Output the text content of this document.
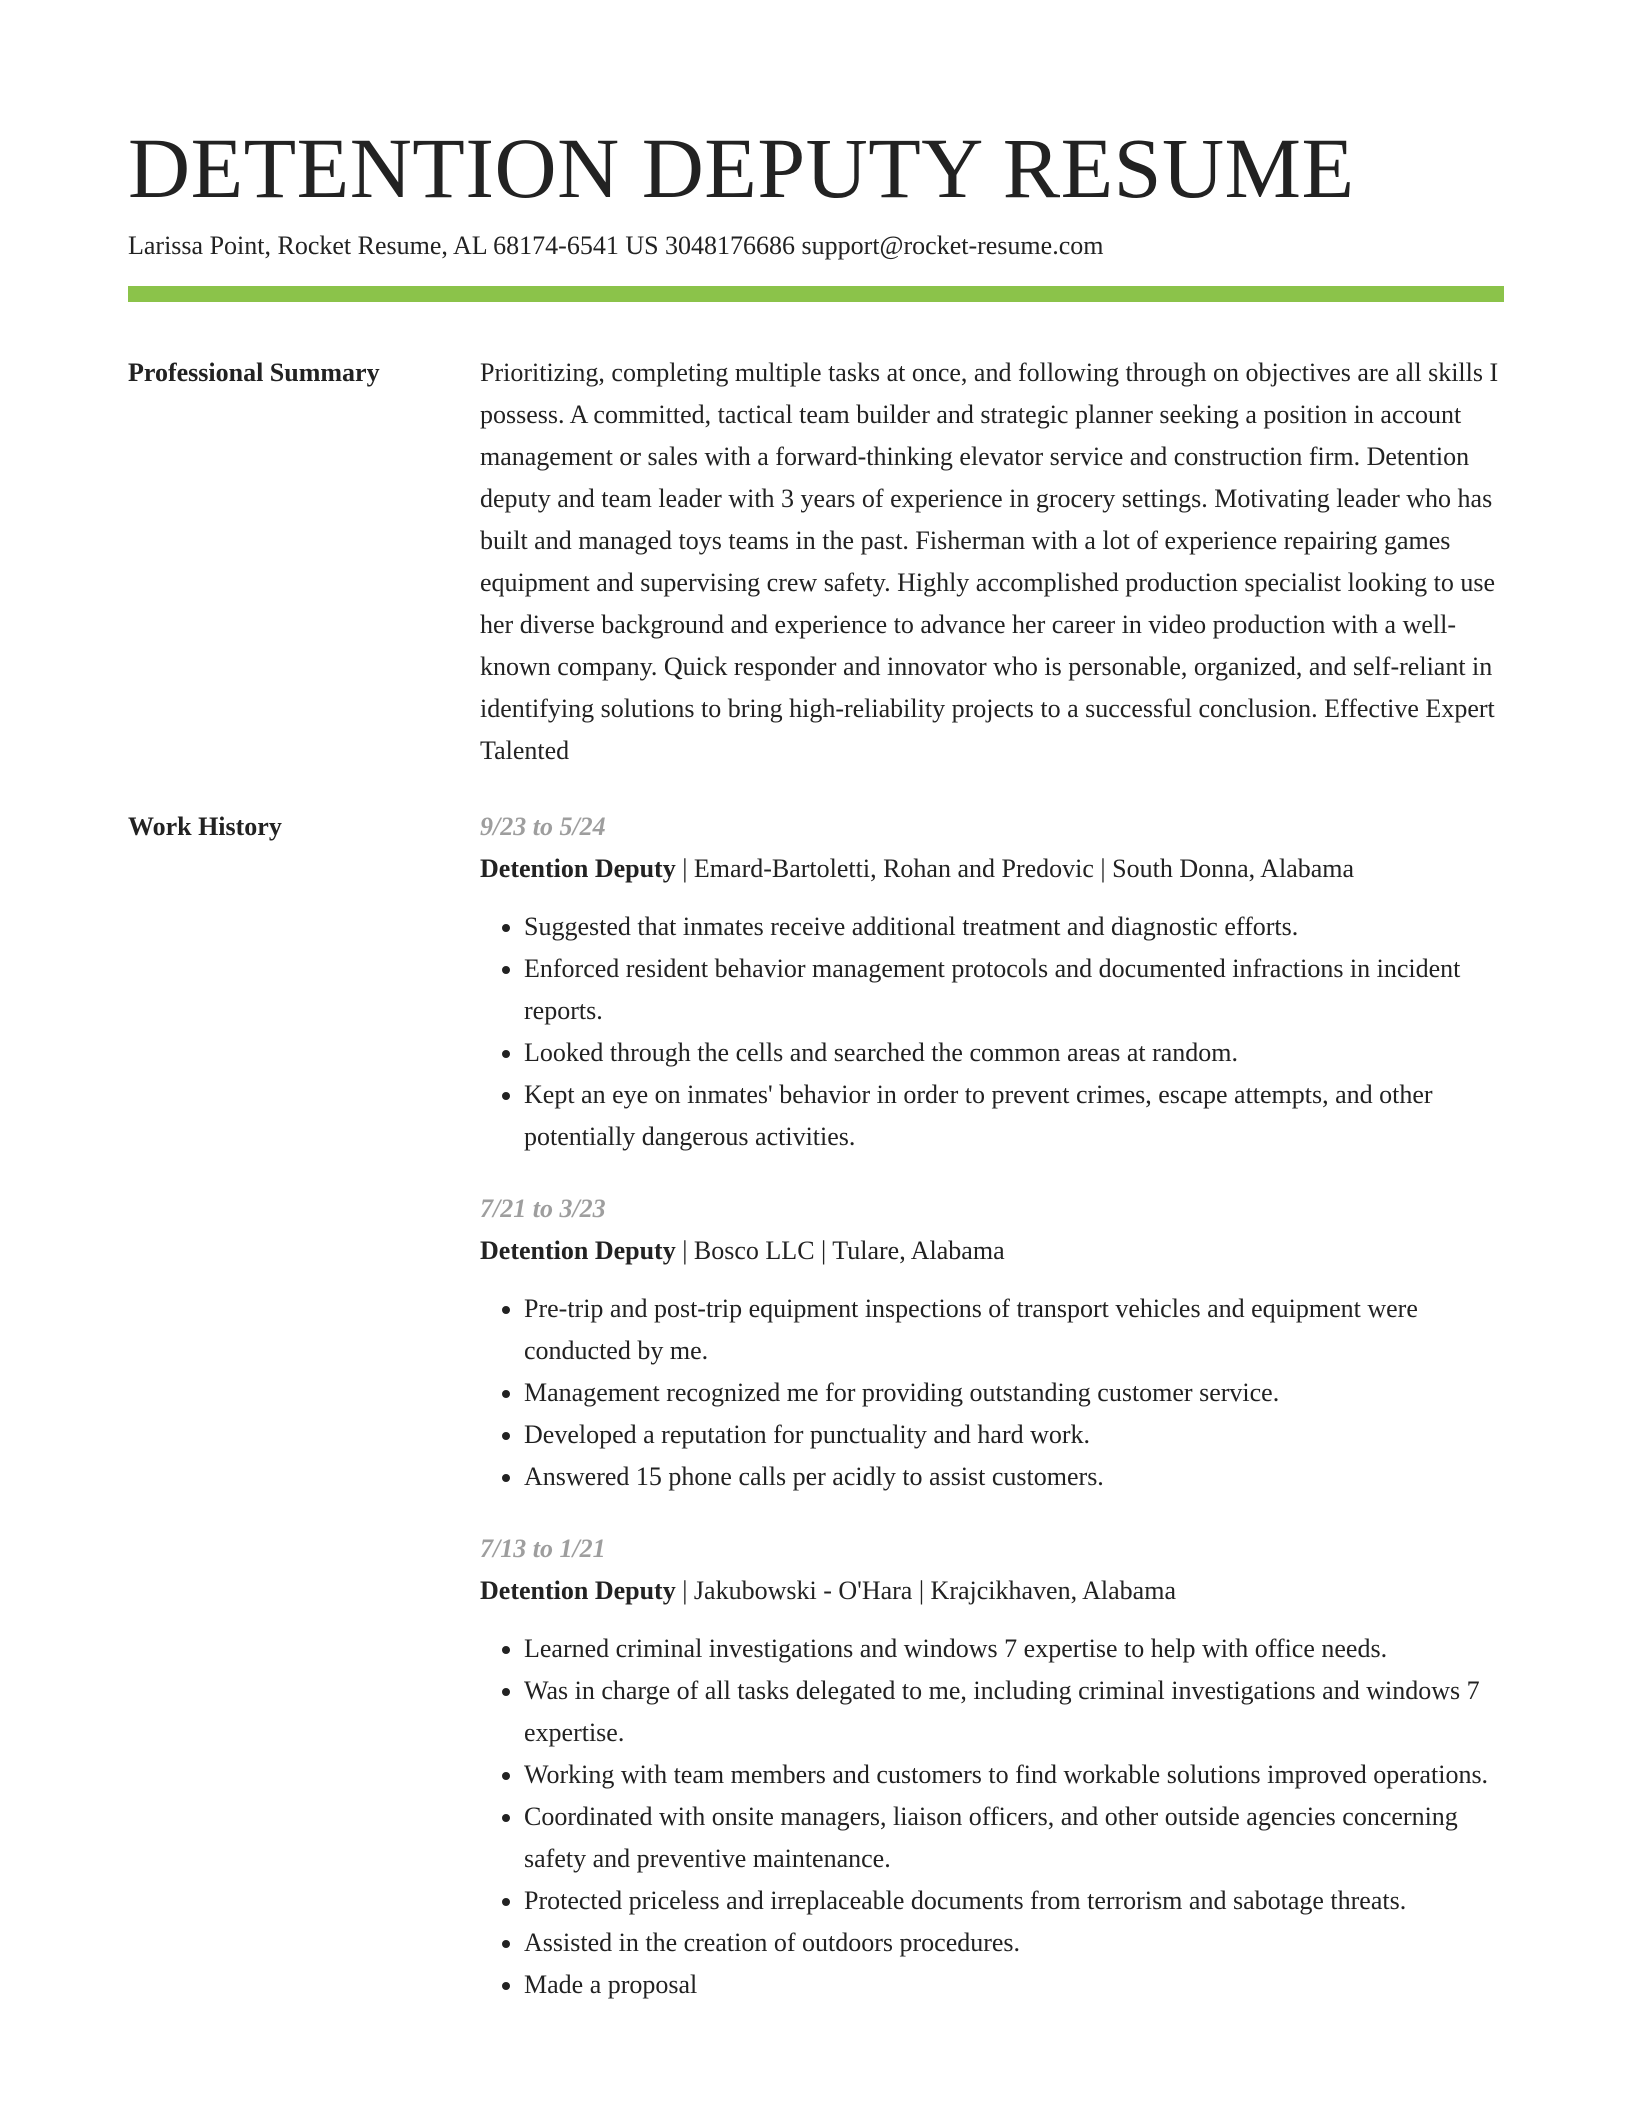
DETENTION DEPUTY RESUME
Larissa Point, Rocket Resume, AL 68174-6541 US 3048176686 support@rocket-resume.com
Professional Summary	Prioritizing, completing multiple tasks at once, and following through on objectives are all skills I possess. A committed, tactical team builder and strategic planner seeking a position in account management or sales with a forward-thinking elevator service and construction firm. Detention deputy and team leader with 3 years of experience in grocery settings. Motivating leader who has built and managed toys teams in the past. Fisherman with a lot of experience repairing games equipment and supervising crew safety. Highly accomplished production specialist looking to use her diverse background and experience to advance her career in video production with a well-known company. Quick responder and innovator who is personable, organized, and self-reliant in identifying solutions to bring high-reliability projects to a successful conclusion. Effective Expert Talented

Work History	9/23 to 5/24

Detention Deputy | Emard-Bartoletti, Rohan and Predovic | South Donna, Alabama

• Suggested that inmates receive additional treatment and diagnostic efforts.
• Enforced resident behavior management protocols and documented infractions in incident reports.
• Looked through the cells and searched the common areas at random.
• Kept an eye on inmates' behavior in order to prevent crimes, escape attempts, and other potentially dangerous activities.
7/21 to 3/23

Detention Deputy | Bosco LLC | Tulare, Alabama

• Pre-trip and post-trip equipment inspections of transport vehicles and equipment were conducted by me.
• Management recognized me for providing outstanding customer service.
• Developed a reputation for punctuality and hard work.
• Answered 15 phone calls per acidly to assist customers.
7/13 to 1/21

Detention Deputy | Jakubowski - O'Hara | Krajcikhaven, Alabama

• Learned criminal investigations and windows 7 expertise to help with office needs.
• Was in charge of all tasks delegated to me, including criminal investigations and windows 7 expertise.
• Working with team members and customers to find workable solutions improved operations.
• Coordinated with onsite managers, liaison officers, and other outside agencies concerning safety and preventive maintenance.
• Protected priceless and irreplaceable documents from terrorism and sabotage threats.
• Assisted in the creation of outdoors procedures.
• Made a proposal
